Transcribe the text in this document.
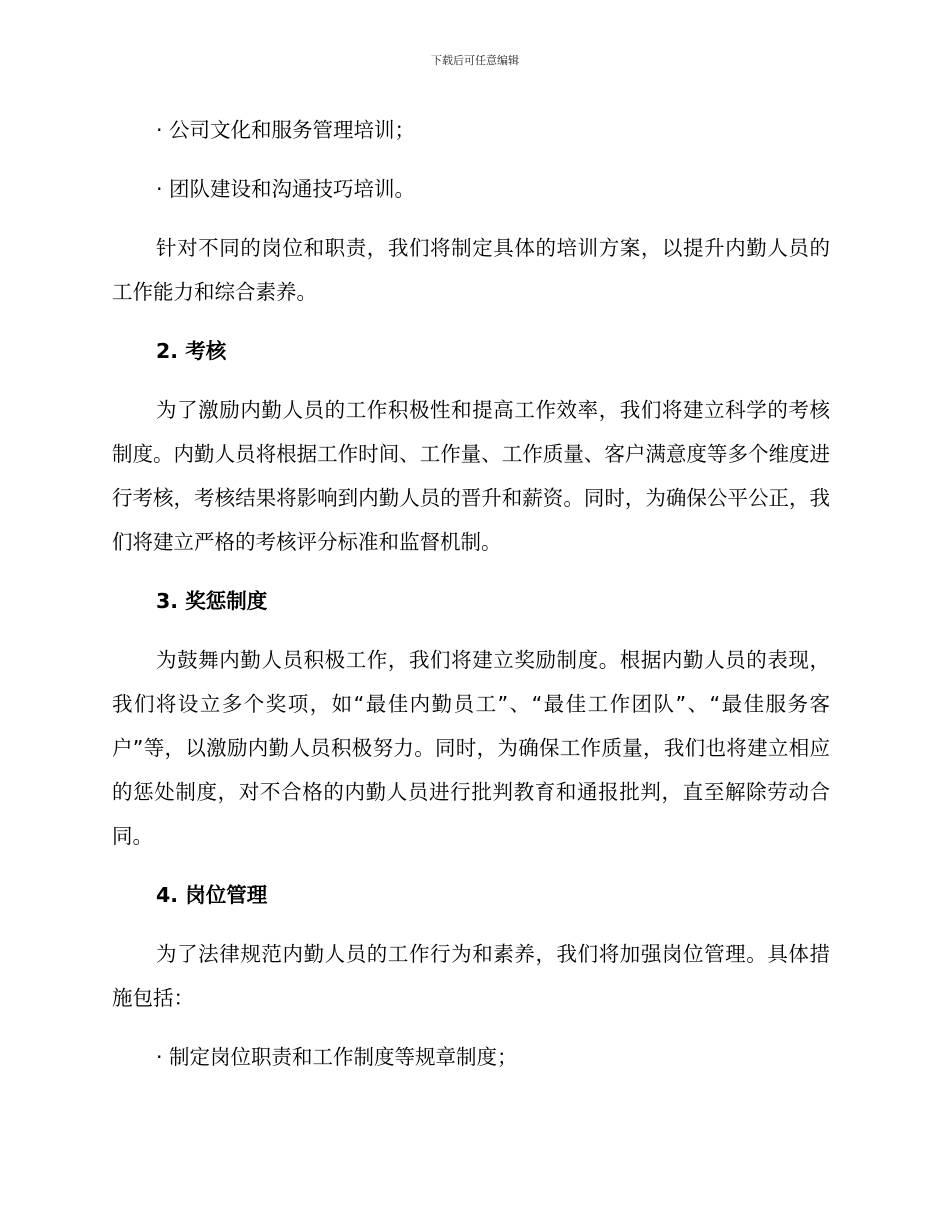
下载后可任意编辑
· 公司文化和服务管理培训；
· 团队建设和沟通技巧培训。
针对不同的岗位和职责，我们将制定具体的培训方案，以提升内勤人员的工作能力和综合素养。
2. 考核
为了激励内勤人员的工作积极性和提高工作效率，我们将建立科学的考核制度。内勤人员将根据工作时间、工作量、工作质量、客户满意度等多个维度进行考核，考核结果将影响到内勤人员的晋升和薪资。同时，为确保公平公正，我们将建立严格的考核评分标准和监督机制。
3. 奖惩制度
为鼓舞内勤人员积极工作，我们将建立奖励制度。根据内勤人员的表现，我们将设立多个奖项，如“最佳内勤员工”、“最佳工作团队”、“最佳服务客户”等，以激励内勤人员积极努力。同时，为确保工作质量，我们也将建立相应的惩处制度，对不合格的内勤人员进行批判教育和通报批判，直至解除劳动合同。
4. 岗位管理
为了法律规范内勤人员的工作行为和素养，我们将加强岗位管理。具体措施包括：
· 制定岗位职责和工作制度等规章制度；
